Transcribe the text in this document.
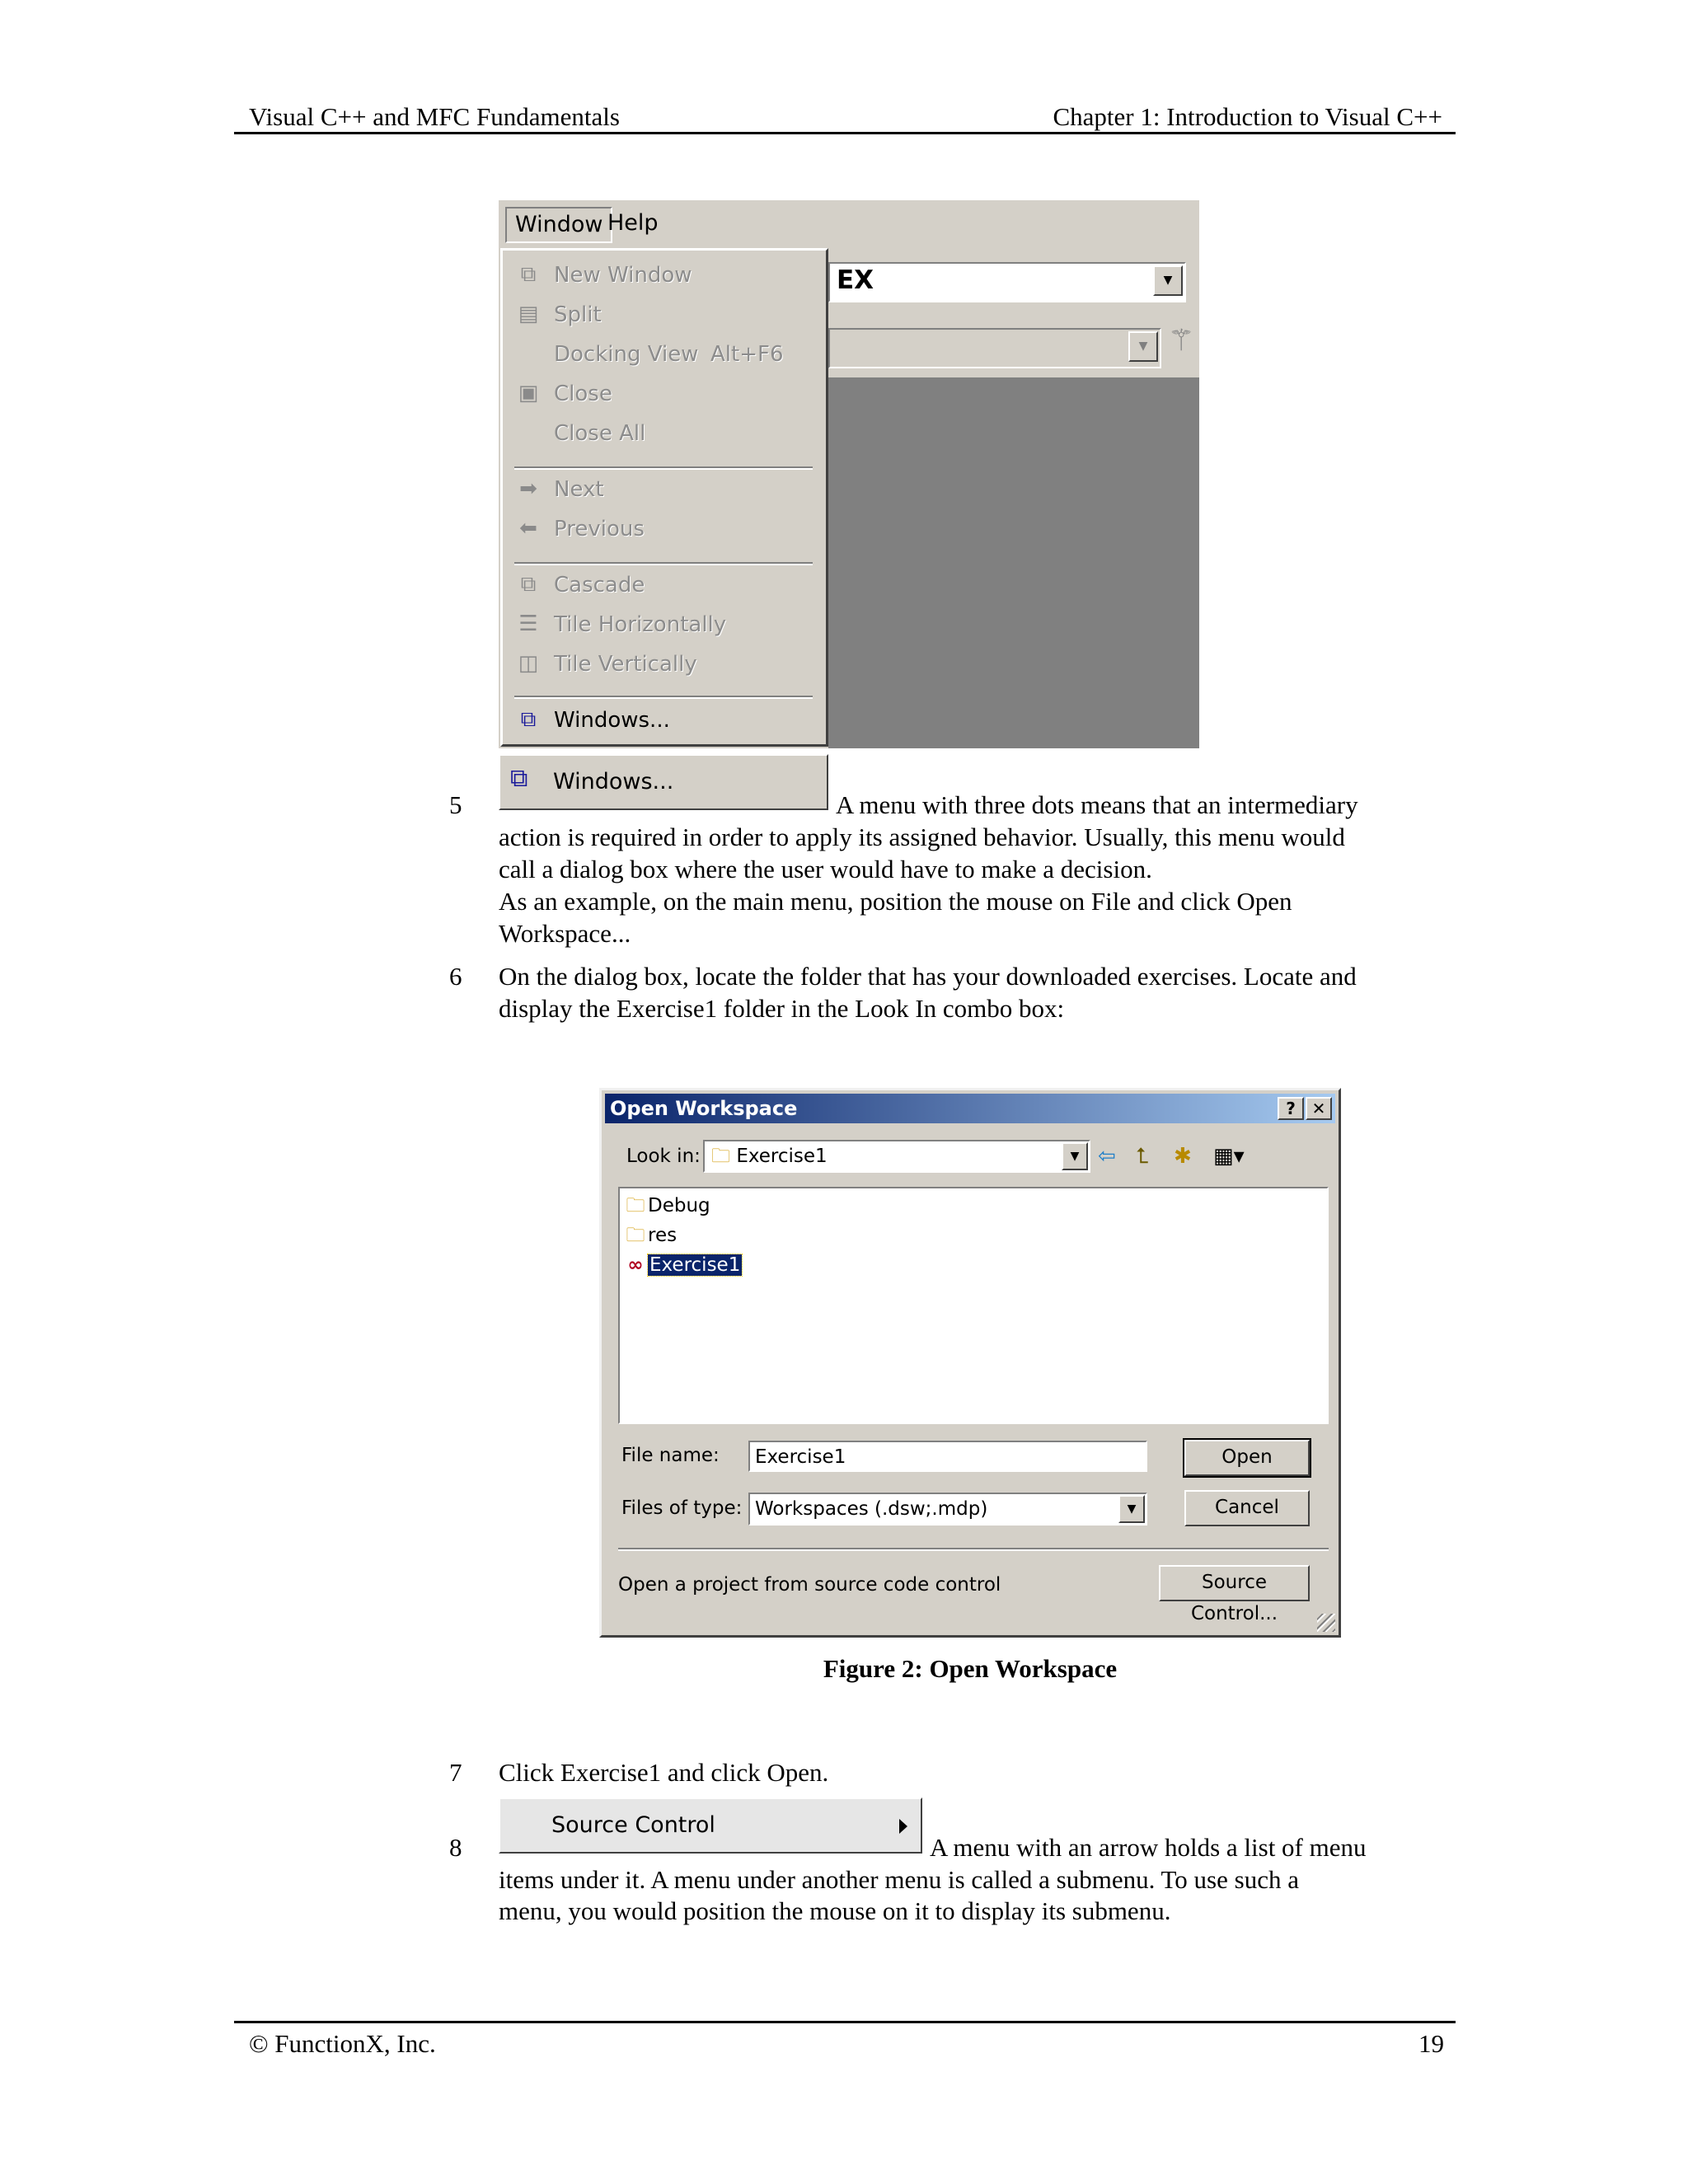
Visual C++ and MFC Fundamentals	Chapter 1: Introduction to Visual C++
Window Help
EX	▼
▼ ⚚
⧉ New Window
▤ Split
Docking View Alt+F6
▣ Close
Close All
➡ Next
⬅ Previous
⧉ Cascade
☰ Tile Horizontally
◫ Tile Vertically
⧉ Windows...
5
⧉ Windows...
A menu with three dots means that an intermediary
action is required in order to apply its assigned behavior. Usually, this menu would
call a dialog box where the user would have to make a decision.
As an example, on the main menu, position the mouse on File and click Open
Workspace...
6 On the dialog box, locate the folder that has your downloaded exercises. Locate and
display the Exercise1 folder in the Look In combo box:
Open Workspace	? ✕
Look in: 🗀 Exercise1	▼ ⇦ ⮤ ✱ ▦▾
🗀 Debug
🗀 res
∞ Exercise1
File name: Exercise1
Files of type: Workspaces (.dsw;.mdp)	▼
Open
Cancel
Open a project from source code control	Source Control...
Figure 2: Open Workspace
7 Click Exercise1 and click Open.
8
Source Control
A menu with an arrow holds a list of menu
items under it. A menu under another menu is called a submenu. To use such a
menu, you would position the mouse on it to display its submenu.
© FunctionX, Inc.	19
